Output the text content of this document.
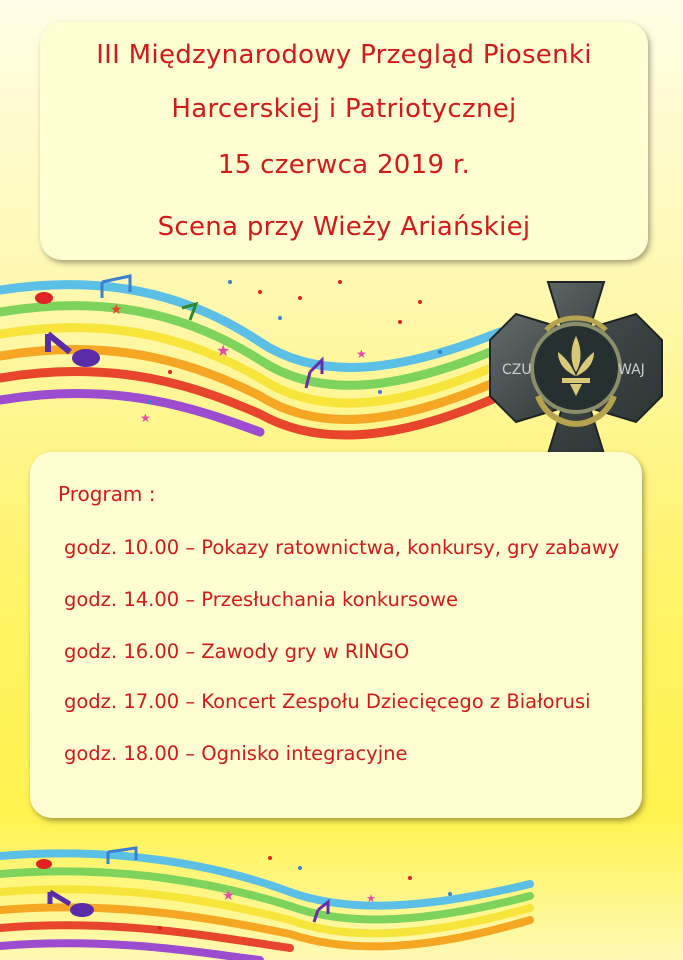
★
★
★
★
★	★
III Międzynarodowy Przegląd Piosenki
Harcerskiej i Patriotycznej
15 czerwca 2019 r.
Scena przy Wieży Ariańskiej
CZU	WAJ
Program :
godz. 10.00 – Pokazy ratownictwa, konkursy, gry zabawy
godz. 14.00 – Przesłuchania konkursowe
godz. 16.00 – Zawody gry w RINGO
godz. 17.00 – Koncert Zespołu Dziecięcego z Białorusi
godz. 18.00 – Ognisko integracyjne
